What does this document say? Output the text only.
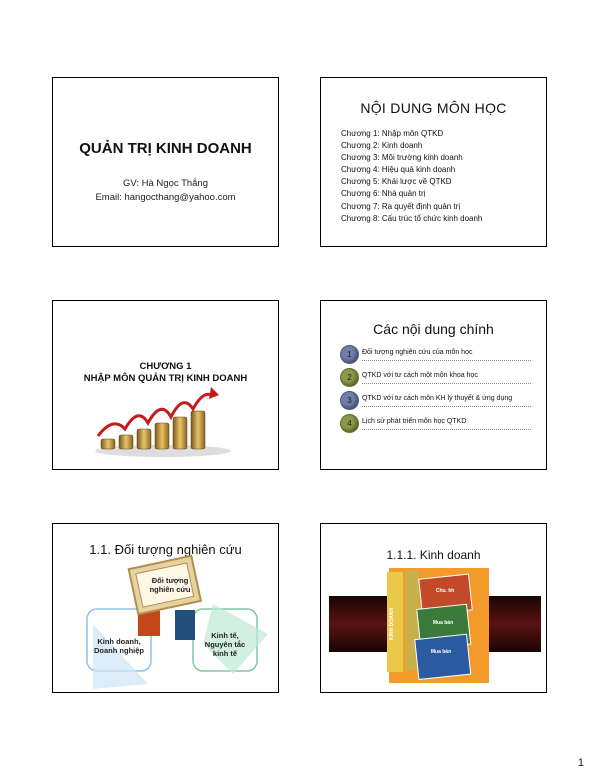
QUẢN TRỊ KINH DOANH
GV: Hà Ngọc Thắng
Email: hangocthang@yahoo.com
NỘI DUNG MÔN HỌC
Chương 1: Nhập môn QTKD
Chương 2: Kinh doanh
Chương 3: Môi trường kinh doanh
Chương 4: Hiệu quả kinh doanh
Chương 5: Khái lược về QTKD
Chương 6: Nhà quản trị
Chương 7: Ra quyết định quản trị
Chương 8: Cấu trúc tổ chức kinh doanh
CHƯƠNG 1
NHẬP MÔN QUẢN TRỊ KINH DOANH
Các nội dung chính
1	Đối tượng nghiên cứu của môn học
2	QTKD với tư cách một môn khoa học
3	QTKD với tư cách môn KH lý thuyết & ứng dụng
4	Lịch sử phát triển môn học QTKD
1.1. Đối tượng nghiên cứu
Đối tượng
nghiên cứu
Kinh doanh,
Doanh nghiệp
Kinh tế,
Nguyên tắc
kinh tế
1.1.1. Kinh doanh
KINH DOANH
Chu. kh
Mua bán
Mua bán
1
